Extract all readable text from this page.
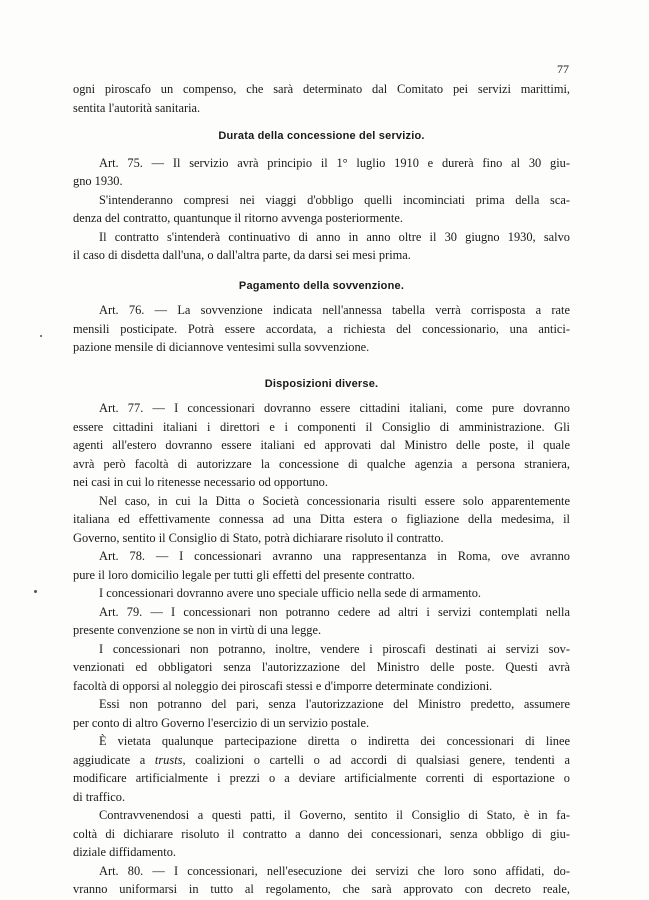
77
ogni piroscafo un compenso, che sarà determinato dal Comitato pei servizi marittimi,
sentita l'autorità sanitaria.
Durata della concessione del servizio.
Art. 75. — Il servizio avrà principio il 1° luglio 1910 e durerà fino al 30 giu-
gno 1930.
S'intenderanno compresi nei viaggi d'obbligo quelli incominciati prima della sca-
denza del contratto, quantunque il ritorno avvenga posteriormente.
Il contratto s'intenderà continuativo di anno in anno oltre il 30 giugno 1930, salvo
il caso di disdetta dall'una, o dall'altra parte, da darsi sei mesi prima.
Pagamento della sovvenzione.
Art. 76. — La sovvenzione indicata nell'annessa tabella verrà corrisposta a rate
mensili posticipate. Potrà essere accordata, a richiesta del concessionario, una antici-
pazione mensile di diciannove ventesimi sulla sovvenzione.
Disposizioni diverse.
Art. 77. — I concessionari dovranno essere cittadini italiani, come pure dovranno
essere cittadini italiani i direttori e i componenti il Consiglio di amministrazione. Gli
agenti all'estero dovranno essere italiani ed approvati dal Ministro delle poste, il quale
avrà però facoltà di autorizzare la concessione di qualche agenzia a persona straniera,
nei casi in cui lo ritenesse necessario od opportuno.
Nel caso, in cui la Ditta o Società concessionaria risulti essere solo apparentemente
italiana ed effettivamente connessa ad una Ditta estera o figliazione della medesima, il
Governo, sentito il Consiglio di Stato, potrà dichiarare risoluto il contratto.
Art. 78. — I concessionari avranno una rappresentanza in Roma, ove avranno
pure il loro domicilio legale per tutti gli effetti del presente contratto.
I concessionari dovranno avere uno speciale ufficio nella sede di armamento.
Art. 79. — I concessionari non potranno cedere ad altri i servizi contemplati nella
presente convenzione se non in virtù di una legge.
I concessionari non potranno, inoltre, vendere i piroscafi destinati ai servizi sov-
venzionati ed obbligatori senza l'autorizzazione del Ministro delle poste. Questi avrà
facoltà di opporsi al noleggio dei piroscafi stessi e d'imporre determinate condizioni.
Essi non potranno del pari, senza l'autorizzazione del Ministro predetto, assumere
per conto di altro Governo l'esercizio di un servizio postale.
È vietata qualunque partecipazione diretta o indiretta dei concessionari di linee
aggiudicate a trusts, coalizioni o cartelli o ad accordi di qualsiasi genere, tendenti a
modificare artificialmente i prezzi o a deviare artificialmente correnti di esportazione o
di traffico.
Contravvenendosi a questi patti, il Governo, sentito il Consiglio di Stato, è in fa-
coltà di dichiarare risoluto il contratto a danno dei concessionari, senza obbligo di giu-
diziale diffidamento.
Art. 80. — I concessionari, nell'esecuzione dei servizi che loro sono affidati, do-
vranno uniformarsi in tutto al regolamento, che sarà approvato con decreto reale,
